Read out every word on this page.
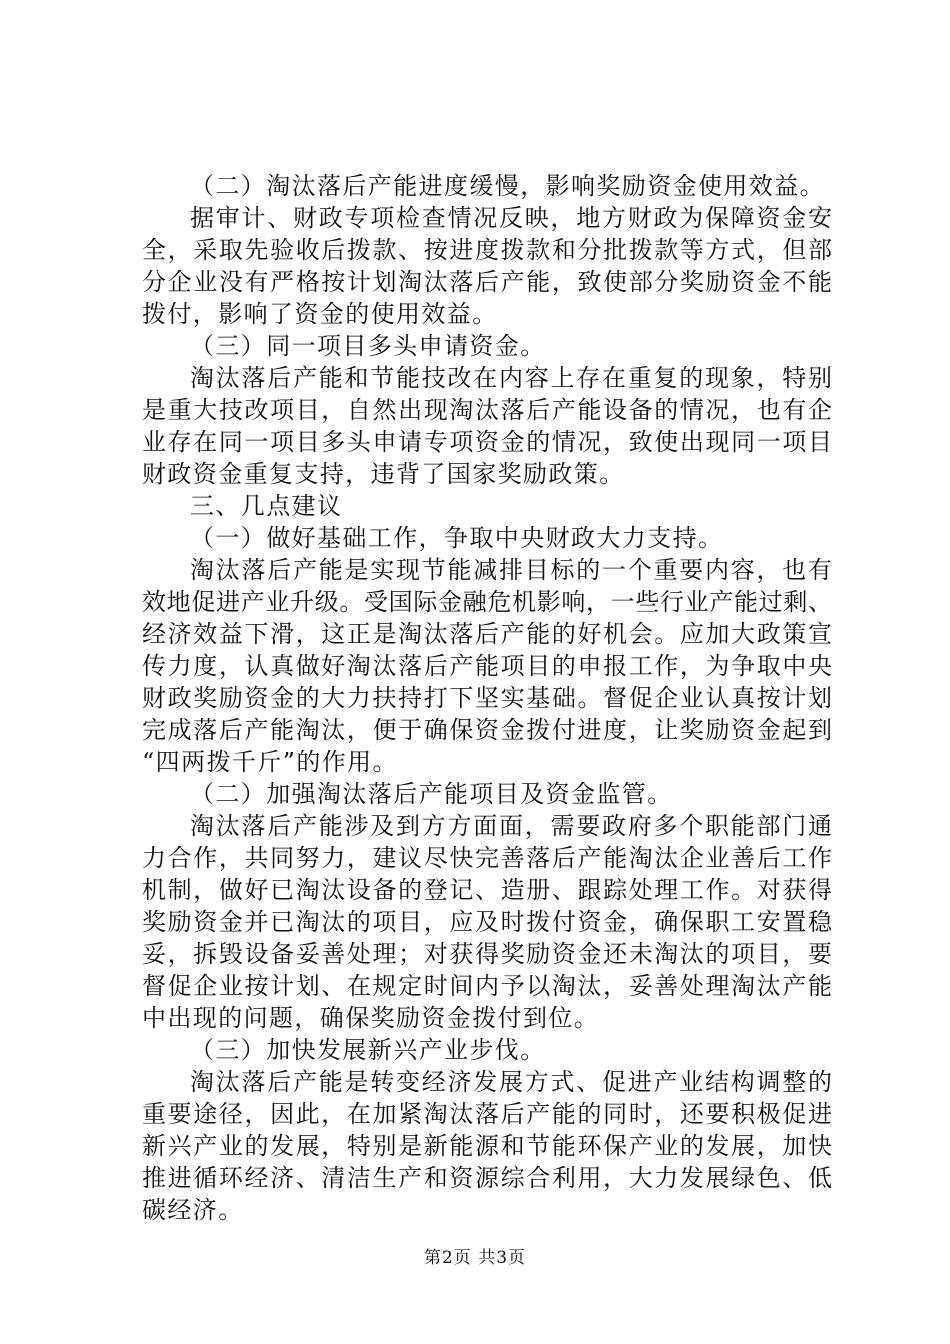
（二）淘汰落后产能进度缓慢，影响奖励资金使用效益。
据审计、财政专项检查情况反映，地方财政为保障资金安
全，采取先验收后拨款、按进度拨款和分批拨款等方式，但部
分企业没有严格按计划淘汰落后产能，致使部分奖励资金不能
拨付，影响了资金的使用效益。
（三）同一项目多头申请资金。
淘汰落后产能和节能技改在内容上存在重复的现象，特别
是重大技改项目，自然出现淘汰落后产能设备的情况，也有企
业存在同一项目多头申请专项资金的情况，致使出现同一项目
财政资金重复支持，违背了国家奖励政策。
三、几点建议
（一）做好基础工作，争取中央财政大力支持。
淘汰落后产能是实现节能减排目标的一个重要内容，也有
效地促进产业升级。受国际金融危机影响，一些行业产能过剩、
经济效益下滑，这正是淘汰落后产能的好机会。应加大政策宣
传力度，认真做好淘汰落后产能项目的申报工作，为争取中央
财政奖励资金的大力扶持打下坚实基础。督促企业认真按计划
完成落后产能淘汰，便于确保资金拨付进度，让奖励资金起到
“四两拨千斤”的作用。
（二）加强淘汰落后产能项目及资金监管。
淘汰落后产能涉及到方方面面，需要政府多个职能部门通
力合作，共同努力，建议尽快完善落后产能淘汰企业善后工作
机制，做好已淘汰设备的登记、造册、跟踪处理工作。对获得
奖励资金并已淘汰的项目，应及时拨付资金，确保职工安置稳
妥，拆毁设备妥善处理；对获得奖励资金还未淘汰的项目，要
督促企业按计划、在规定时间内予以淘汰，妥善处理淘汰产能
中出现的问题，确保奖励资金拨付到位。
（三）加快发展新兴产业步伐。
淘汰落后产能是转变经济发展方式、促进产业结构调整的
重要途径，因此，在加紧淘汰落后产能的同时，还要积极促进
新兴产业的发展，特别是新能源和节能环保产业的发展，加快
推进循环经济、清洁生产和资源综合利用，大力发展绿色、低
碳经济。
第2页 共3页
